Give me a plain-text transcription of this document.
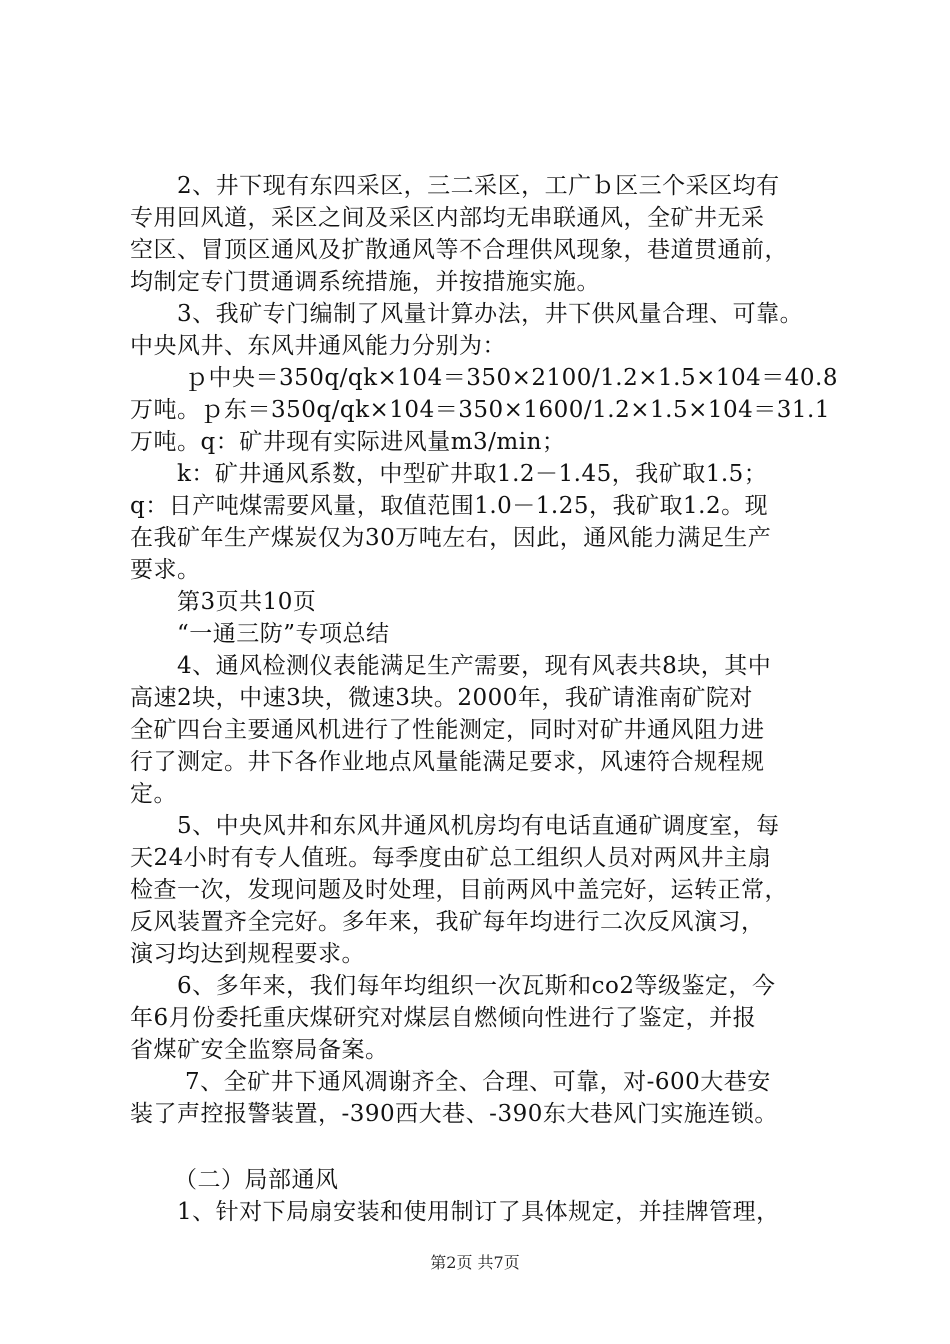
2、井下现有东四采区，三二采区，工广ｂ区三个采区均有
专用回风道，采区之间及采区内部均无串联通风，全矿井无采
空区、冒顶区通风及扩散通风等不合理供风现象，巷道贯通前，
均制定专门贯通调系统措施，并按措施实施。
3、我矿专门编制了风量计算办法，井下供风量合理、可靠。
中央风井、东风井通风能力分别为：
ｐ中央＝350q/qk×104＝350×2100/1.2×1.5×104＝40.8
万吨。ｐ东＝350q/qk×104＝350×1600/1.2×1.5×104＝31.1
万吨。q：矿井现有实际进风量m3/min；
k：矿井通风系数，中型矿井取1.2－1.45，我矿取1.5；
q：日产吨煤需要风量，取值范围1.0－1.25，我矿取1.2。现
在我矿年生产煤炭仅为30万吨左右，因此，通风能力满足生产
要求。
第3页共10页
“一通三防”专项总结
4、通风检测仪表能满足生产需要，现有风表共8块，其中
高速2块，中速3块，微速3块。2000年，我矿请淮南矿院对
全矿四台主要通风机进行了性能测定，同时对矿井通风阻力进
行了测定。井下各作业地点风量能满足要求，风速符合规程规
定。
5、中央风井和东风井通风机房均有电话直通矿调度室，每
天24小时有专人值班。每季度由矿总工组织人员对两风井主扇
检查一次，发现问题及时处理，目前两风中盖完好，运转正常，
反风装置齐全完好。多年来，我矿每年均进行二次反风演习，
演习均达到规程要求。
6、多年来，我们每年均组织一次瓦斯和co2等级鉴定，今
年6月份委托重庆煤研究对煤层自燃倾向性进行了鉴定，并报
省煤矿安全监察局备案。
7、全矿井下通风凋谢齐全、合理、可靠，对-600大巷安
装了声控报警装置，-390西大巷、-390东大巷风门实施连锁。
（二）局部通风
1、针对下局扇安装和使用制订了具体规定，并挂牌管理，
第2页 共7页
